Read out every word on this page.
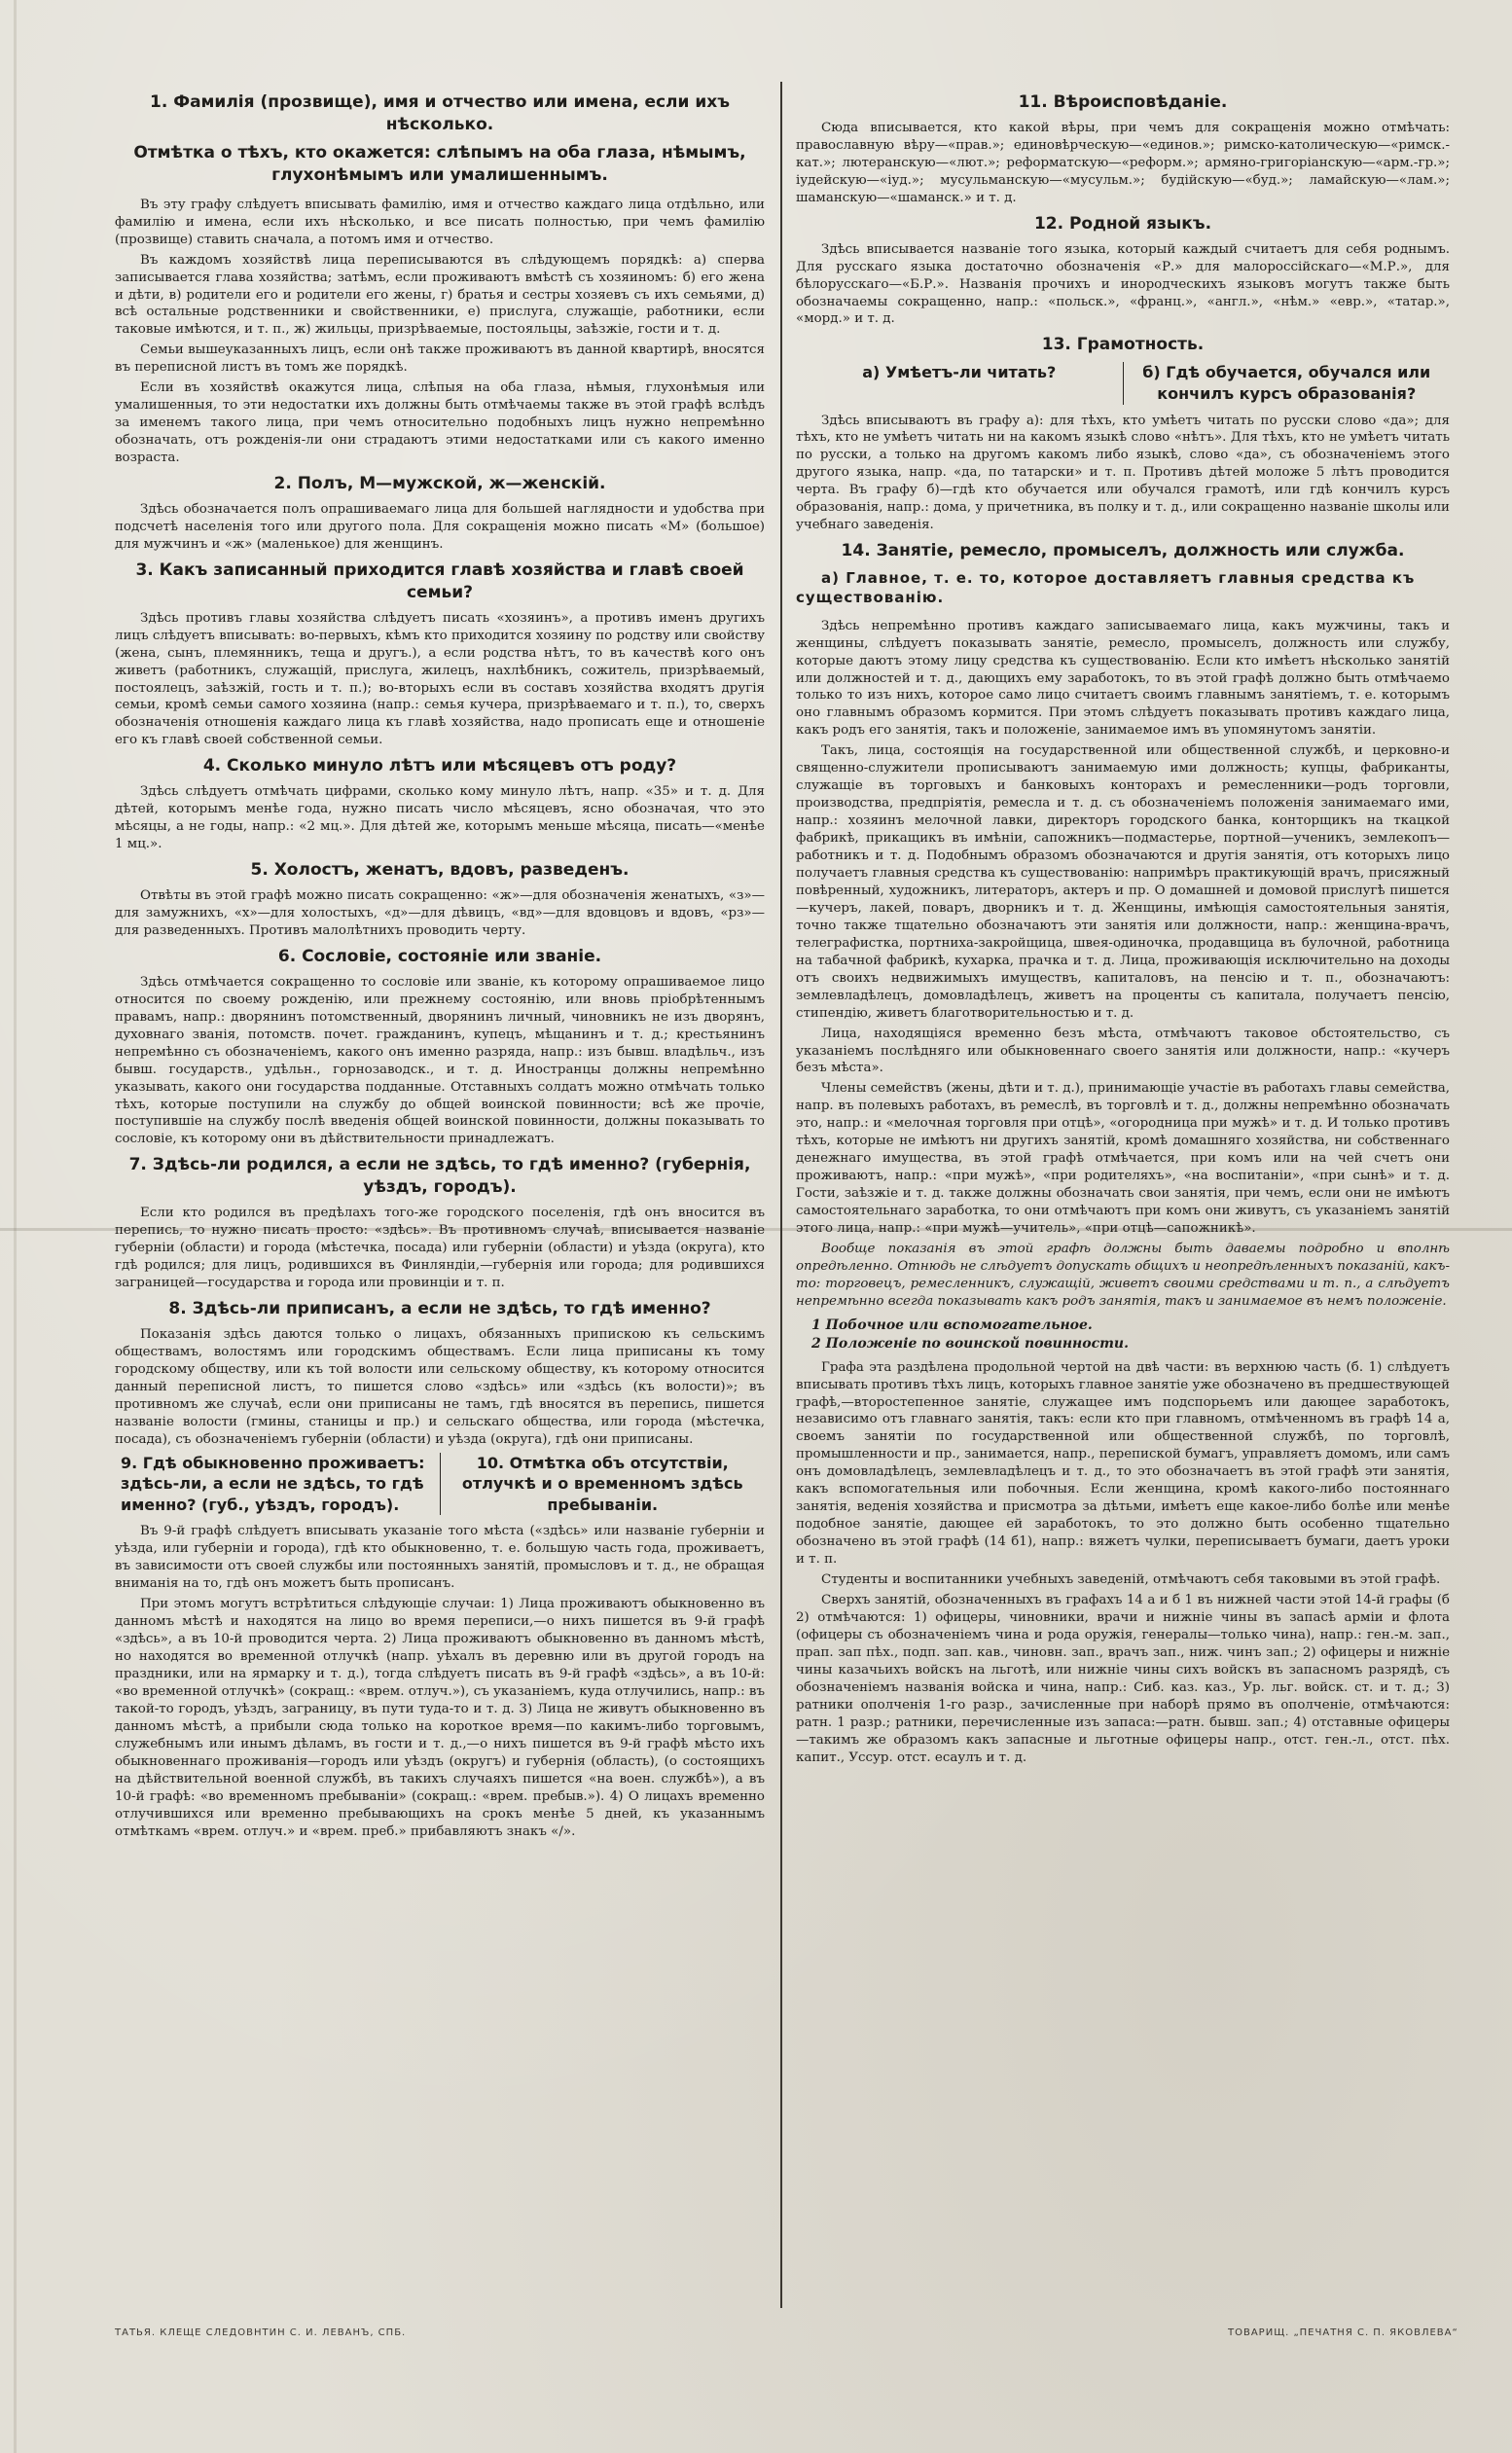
1. Фамилія (прозвище), имя и отчество или имена, если ихъ нѣсколько.
Отмѣтка о тѣхъ, кто окажется: слѣпымъ на оба глаза, нѣмымъ, глухонѣмымъ или умалишеннымъ.

Въ эту графу слѣдуетъ вписывать фамилію, имя и отчество каждаго лица отдѣльно, или фамилію и имена, если ихъ нѣсколько, и все писать полностью, при чемъ фамилію (прозвище) ставить сначала, а потомъ имя и отчество.

Въ каждомъ хозяйствѣ лица переписываются въ слѣдующемъ порядкѣ: а) сперва записывается глава хозяйства; затѣмъ, если проживаютъ вмѣстѣ съ хозяиномъ: б) его жена и дѣти, в) родители его и родители его жены, г) братья и сестры хозяевъ съ ихъ семьями, д) всѣ остальные родственники и свойственники, е) прислуга, служащіе, работники, если таковые имѣются, и т. п., ж) жильцы, призрѣваемые, постояльцы, заѣзжіе, гости и т. д.

Семьи вышеуказанныхъ лицъ, если онѣ также проживаютъ въ данной квартирѣ, вносятся въ переписной листъ въ томъ же порядкѣ.

Если въ хозяйствѣ окажутся лица, слѣпыя на оба глаза, нѣмыя, глухонѣмыя или умалишенныя, то эти недостатки ихъ должны быть отмѣчаемы также въ этой графѣ вслѣдъ за именемъ такого лица, при чемъ относительно подобныхъ лицъ нужно непремѣнно обозначать, отъ рожденія-ли они страдаютъ этими недостатками или съ какого именно возраста.

2. Полъ, М—мужской, ж—женскій.

Здѣсь обозначается полъ опрашиваемаго лица для большей наглядности и удобства при подсчетѣ населенія того или другого пола. Для сокращенія можно писать «М» (большое) для мужчинъ и «ж» (маленькое) для женщинъ.

3. Какъ записанный приходится главѣ хозяйства и главѣ своей семьи?

Здѣсь противъ главы хозяйства слѣдуетъ писать «хозяинъ», а противъ именъ другихъ лицъ слѣдуетъ вписывать: во-первыхъ, кѣмъ кто приходится хозяину по родству или свойству (жена, сынъ, племянникъ, теща и другъ.), а если родства нѣтъ, то въ качествѣ кого онъ живетъ (работникъ, служащій, прислуга, жилецъ, нахлѣбникъ, сожитель, призрѣваемый, постоялецъ, заѣзжій, гость и т. п.); во-вторыхъ если въ составъ хозяйства входятъ другія семьи, кромѣ семьи самого хозяина (напр.: семья кучера, призрѣваемаго и т. п.), то, сверхъ обозначенія отношенія каждаго лица къ главѣ хозяйства, надо прописать еще и отношеніе его къ главѣ своей собственной семьи.

4. Сколько минуло лѣтъ или мѣсяцевъ отъ роду?

Здѣсь слѣдуетъ отмѣчать цифрами, сколько кому минуло лѣтъ, напр. «35» и т. д. Для дѣтей, которымъ менѣе года, нужно писать число мѣсяцевъ, ясно обозначая, что это мѣсяцы, а не годы, напр.: «2 мц.». Для дѣтей же, которымъ меньше мѣсяца, писать—«менѣе 1 мц.».

5. Холостъ, женатъ, вдовъ, разведенъ.

Отвѣты въ этой графѣ можно писать сокращенно: «ж»—для обозначенія женатыхъ, «з»—для замужнихъ, «х»—для холостыхъ, «д»—для дѣвицъ, «вд»—для вдовцовъ и вдовъ, «рз»—для разведенныхъ. Противъ малолѣтнихъ проводить черту.

6. Сословіе, состояніе или званіе.

Здѣсь отмѣчается сокращенно то сословіе или званіе, къ которому опрашиваемое лицо относится по своему рожденію, или прежнему состоянію, или вновь пріобрѣтеннымъ правамъ, напр.: дворянинъ потомственный, дворянинъ личный, чиновникъ не изъ дворянъ, духовнаго званія, потомств. почет. гражданинъ, купецъ, мѣщанинъ и т. д.; крестьянинъ непремѣнно съ обозначеніемъ, какого онъ именно разряда, напр.: изъ бывш. владѣльч., изъ бывш. государств., удѣльн., горнозаводск., и т. д. Иностранцы должны непремѣнно указывать, какого они государства подданные. Отставныхъ солдатъ можно отмѣчать только тѣхъ, которые поступили на службу до общей воинской повинности; всѣ же прочіе, поступившіе на службу послѣ введенія общей воинской повинности, должны показывать то сословіе, къ которому они въ дѣйствительности принадлежатъ.

7. Здѣсь-ли родился, а если не здѣсь, то гдѣ именно? (губернія, уѣздъ, городъ).

Если кто родился въ предѣлахъ того-же городского поселенія, гдѣ онъ вносится въ перепись, то нужно писать просто: «здѣсь». Въ противномъ случаѣ, вписывается названіе губерніи (области) и города (мѣстечка, посада) или губерніи (области) и уѣзда (округа), кто гдѣ родился; для лицъ, родившихся въ Финляндіи,—губернія или города; для родившихся заграницей—государства и города или провинціи и т. п.

8. Здѣсь-ли приписанъ, а если не здѣсь, то гдѣ именно?

Показанія здѣсь даются только о лицахъ, обязанныхъ припискою къ сельскимъ обществамъ, волостямъ или городскимъ обществамъ. Если лица приписаны къ тому городскому обществу, или къ той волости или сельскому обществу, къ которому относится данный переписной листъ, то пишется слово «здѣсь» или «здѣсь (къ волости)»; въ противномъ же случаѣ, если они приписаны не тамъ, гдѣ вносятся въ перепись, пишется названіе волости (гмины, станицы и пр.) и сельскаго общества, или города (мѣстечка, посада), съ обозначеніемъ губерніи (области) и уѣзда (округа), гдѣ они приписаны.

9. Гдѣ обыкновенно проживаетъ: здѣсь-ли, а если не здѣсь, то гдѣ именно? (губ., уѣздъ, городъ).
10. Отмѣтка объ отсутствіи, отлучкѣ и о временномъ здѣсь пребываніи.

Въ 9-й графѣ слѣдуетъ вписывать указаніе того мѣста («здѣсь» или названіе губерніи и уѣзда, или губерніи и города), гдѣ кто обыкновенно, т. е. большую часть года, проживаетъ, въ зависимости отъ своей службы или постоянныхъ занятій, промысловъ и т. д., не обращая вниманія на то, гдѣ онъ можетъ быть прописанъ.

При этомъ могутъ встрѣтиться слѣдующіе случаи: 1) Лица проживаютъ обыкновенно въ данномъ мѣстѣ и находятся на лицо во время переписи,—о нихъ пишется въ 9-й графѣ «здѣсь», а въ 10-й проводится черта. 2) Лица проживаютъ обыкновенно въ данномъ мѣстѣ, но находятся во временной отлучкѣ (напр. уѣхалъ въ деревню или въ другой городъ на праздники, или на ярмарку и т. д.), тогда слѣдуетъ писать въ 9-й графѣ «здѣсь», а въ 10-й: «во временной отлучкѣ» (сокращ.: «врем. отлуч.»), съ указаніемъ, куда отлучились, напр.: въ такой-то городъ, уѣздъ, заграницу, въ пути туда-то и т. д. 3) Лица не живутъ обыкновенно въ данномъ мѣстѣ, а прибыли сюда только на короткое время—по какимъ-либо торговымъ, служебнымъ или инымъ дѣламъ, въ гости и т. д.,—о нихъ пишется въ 9-й графѣ мѣсто ихъ обыкновеннаго проживанія—городъ или уѣздъ (округъ) и губернія (область), (о состоящихъ на дѣйствительной военной службѣ, въ такихъ случаяхъ пишется «на воен. службѣ»), а въ 10-й графѣ: «во временномъ пребываніи» (сокращ.: «врем. пребыв.»). 4) О лицахъ временно отлучившихся или временно пребывающихъ на срокъ менѣе 5 дней, къ указаннымъ отмѣткамъ «врем. отлуч.» и «врем. преб.» прибавляютъ знакъ «/».

11. Вѣроисповѣданіе.

Сюда вписывается, кто какой вѣры, при чемъ для сокращенія можно отмѣчать: православную вѣру—«прав.»; единовѣрческую—«единов.»; римско-католическую—«римск.-кат.»; лютеранскую—«лют.»; реформатскую—«реформ.»; армяно-григоріанскую—«арм.-гр.»; іудейскую—«іуд.»; мусульманскую—«мусульм.»; будійскую—«буд.»; ламайскую—«лам.»; шаманскую—«шаманск.» и т. д.

12. Родной языкъ.

Здѣсь вписывается названіе того языка, который каждый считаетъ для себя роднымъ. Для русскаго языка достаточно обозначенія «Р.» для малороссійскаго—«М.Р.», для бѣлорусскаго—«Б.Р.». Названія прочихъ и инородческихъ языковъ могутъ также быть обозначаемы сокращенно, напр.: «польск.», «франц.», «англ.», «нѣм.» «евр.», «татар.», «морд.» и т. д.

13. Грамотность.
а) Умѣетъ-ли читать?	б) Гдѣ обучается, обучался или кончилъ курсъ образованія?

Здѣсь вписываютъ въ графу а): для тѣхъ, кто умѣетъ читать по русски слово «да»; для тѣхъ, кто не умѣетъ читать ни на какомъ языкѣ слово «нѣтъ». Для тѣхъ, кто не умѣетъ читать по русски, а только на другомъ какомъ либо языкѣ, слово «да», съ обозначеніемъ этого другого языка, напр. «да, по татарски» и т. п. Противъ дѣтей моложе 5 лѣтъ проводится черта. Въ графу б)—гдѣ кто обучается или обучался грамотѣ, или гдѣ кончилъ курсъ образованія, напр.: дома, у причетника, въ полку и т. д., или сокращенно названіе школы или учебнаго заведенія.

14. Занятіе, ремесло, промыселъ, должность или служба.
а) Главное, т. е. то, которое доставляетъ главныя средства къ существованію.

Здѣсь непремѣнно противъ каждаго записываемаго лица, какъ мужчины, такъ и женщины, слѣдуетъ показывать занятіе, ремесло, промыселъ, должность или службу, которые даютъ этому лицу средства къ существованію. Если кто имѣетъ нѣсколько занятій или должностей и т. д., дающихъ ему заработокъ, то въ этой графѣ должно быть отмѣчаемо только то изъ нихъ, которое само лицо считаетъ своимъ главнымъ занятіемъ, т. е. которымъ оно главнымъ образомъ кормится. При этомъ слѣдуетъ показывать противъ каждаго лица, какъ родъ его занятія, такъ и положеніе, занимаемое имъ въ упомянутомъ занятіи.

Такъ, лица, состоящія на государственной или общественной службѣ, и церковно-и священно-служители прописываютъ занимаемую ими должность; купцы, фабриканты, служащіе въ торговыхъ и банковыхъ конторахъ и ремесленники—родъ торговли, производства, предпріятія, ремесла и т. д. съ обозначеніемъ положенія занимаемаго ими, напр.: хозяинъ мелочной лавки, директоръ городского банка, конторщикъ на ткацкой фабрикѣ, прикащикъ въ имѣніи, сапожникъ—подмастерье, портной—ученикъ, землекопъ—работникъ и т. д. Подобнымъ образомъ обозначаются и другія занятія, отъ которыхъ лицо получаетъ главныя средства къ существованію: напримѣръ практикующій врачъ, присяжный повѣренный, художникъ, литераторъ, актеръ и пр. О домашней и домовой прислугѣ пишется—кучеръ, лакей, поваръ, дворникъ и т. д. Женщины, имѣющія самостоятельныя занятія, точно также тщательно обозначаютъ эти занятія или должности, напр.: женщина-врачъ, телеграфистка, портниха-закройщица, швея-одиночка, продавщица въ булочной, работница на табачной фабрикѣ, кухарка, прачка и т. д. Лица, проживающія исключительно на доходы отъ своихъ недвижимыхъ имуществъ, капиталовъ, на пенсію и т. п., обозначаютъ: землевладѣлецъ, домовладѣлецъ, живетъ на проценты съ капитала, получаетъ пенсію, стипендію, живетъ благотворительностью и т. д.

Лица, находящіяся временно безъ мѣста, отмѣчаютъ таковое обстоятельство, съ указаніемъ послѣдняго или обыкновеннаго своего занятія или должности, напр.: «кучеръ безъ мѣста».

Члены семействъ (жены, дѣти и т. д.), принимающіе участіе въ работахъ главы семейства, напр. въ полевыхъ работахъ, въ ремеслѣ, въ торговлѣ и т. д., должны непремѣнно обозначать это, напр.: и «мелочная торговля при отцѣ», «огородница при мужѣ» и т. д. И только противъ тѣхъ, которые не имѣютъ ни другихъ занятій, кромѣ домашняго хозяйства, ни собственнаго денежнаго имущества, въ этой графѣ отмѣчается, при комъ или на чей счетъ они проживаютъ, напр.: «при мужѣ», «при родителяхъ», «на воспитаніи», «при сынѣ» и т. д. Гости, заѣзжіе и т. д. также должны обозначать свои занятія, при чемъ, если они не имѣютъ самостоятельнаго заработка, то они отмѣчаютъ при комъ они живутъ, съ указаніемъ занятій этого лица, напр.: «при мужѣ—учитель», «при отцѣ—сапожникѣ».

Вообще показанія въ этой графѣ должны быть даваемы подробно и вполнѣ опредѣленно. Отнюдь не слѣдуетъ допускать общихъ и неопредѣленныхъ показаній, какъ-то: торговецъ, ремесленникъ, служащій, живетъ своими средствами и т. п., а слѣдуетъ непремѣнно всегда показывать какъ родъ занятія, такъ и занимаемое въ немъ положеніе.

1 Побочное или вспомогательное.
2 Положеніе по воинской повинности.

Графа эта раздѣлена продольной чертой на двѣ части: въ верхнюю часть (б. 1) слѣдуетъ вписывать противъ тѣхъ лицъ, которыхъ главное занятіе уже обозначено въ предшествующей графѣ,—второстепенное занятіе, служащее имъ подспорьемъ или дающее заработокъ, независимо отъ главнаго занятія, такъ: если кто при главномъ, отмѣченномъ въ графѣ 14 а, своемъ занятіи по государственной или общественной службѣ, по торговлѣ, промышленности и пр., занимается, напр., перепиской бумагъ, управляетъ домомъ, или самъ онъ домовладѣлецъ, землевладѣлецъ и т. д., то это обозначаетъ въ этой графѣ эти занятія, какъ вспомогательныя или побочныя. Если женщина, кромѣ какого-либо постояннаго занятія, веденія хозяйства и присмотра за дѣтьми, имѣетъ еще какое-либо болѣе или менѣе подобное занятіе, дающее ей заработокъ, то это должно быть особенно тщательно обозначено въ этой графѣ (14 б1), напр.: вяжетъ чулки, переписываетъ бумаги, даетъ уроки и т. п.

Студенты и воспитанники учебныхъ заведеній, отмѣчаютъ себя таковыми въ этой графѣ.

Сверхъ занятій, обозначенныхъ въ графахъ 14 а и б 1 въ нижней части этой 14-й графы (б 2) отмѣчаются: 1) офицеры, чиновники, врачи и нижніе чины въ запасѣ арміи и флота (офицеры съ обозначеніемъ чина и рода оружія, генералы—только чина), напр.: ген.-м. зап., прап. зап пѣх., подп. зап. кав., чиновн. зап., врачъ зап., ниж. чинъ зап.; 2) офицеры и нижніе чины казачьихъ войскъ на льготѣ, или нижніе чины сихъ войскъ въ запасномъ разрядѣ, съ обозначеніемъ названія войска и чина, напр.: Сиб. каз. каз., Ур. льг. войск. ст. и т. д.; 3) ратники ополченія 1-го разр., зачисленные при наборѣ прямо въ ополченіе, отмѣчаются: ратн. 1 разр.; ратники, перечисленные изъ запаса:—ратн. бывш. зап.; 4) отставные офицеры—такимъ же образомъ какъ запасные и льготные офицеры напр., отст. ген.-л., отст. пѣх. капит., Уссур. отст. есаулъ и т. д.

ТАТЬЯ. КЛЕЩЕ СЛЕДОВНТИН С. И. ЛЕВАНЪ, СПБ.	ТОВАРИЩ. „ПЕЧАТНЯ С. П. ЯКОВЛЕВА“
